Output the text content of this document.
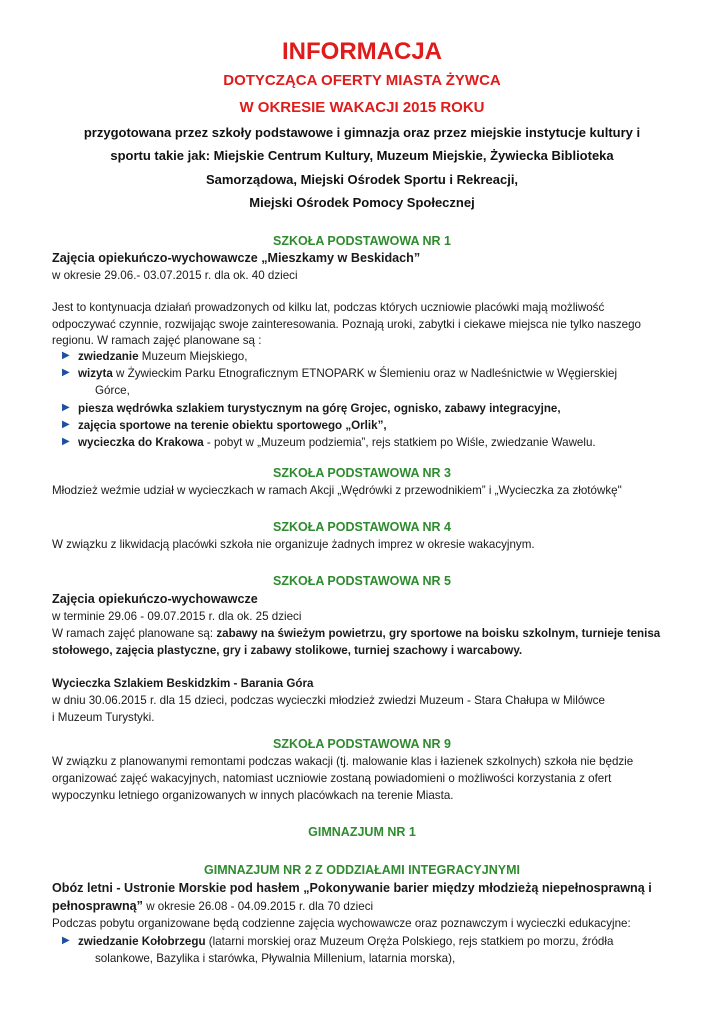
INFORMACJA
DOTYCZĄCA OFERTY MIASTA ŻYWCA
W OKRESIE WAKACJI 2015 ROKU
przygotowana przez szkoły podstawowe i gimnazja oraz przez miejskie instytucje kultury i
sportu takie jak: Miejskie Centrum Kultury, Muzeum Miejskie, Żywiecka Biblioteka
Samorządowa, Miejski Ośrodek Sportu i Rekreacji,
Miejski Ośrodek Pomocy Społecznej
SZKOŁA PODSTAWOWA NR 1
Zajęcia opiekuńczo-wychowawcze „Mieszkamy w Beskidach”
w okresie 29.06.- 03.07.2015 r. dla ok. 40 dzieci
Jest to kontynuacja działań prowadzonych od kilku lat, podczas których uczniowie placówki mają możliwość
odpoczywać czynnie, rozwijając swoje zainteresowania. Poznają uroki, zabytki i ciekawe miejsca nie tylko naszego
regionu. W ramach zajęć planowane są :
▶ zwiedzanie Muzeum Miejskiego,
▶ wizyta w Żywieckim Parku Etnograficznym ETNOPARK w Ślemieniu oraz w Nadleśnictwie w Węgierskiej
Górce,
▶ piesza wędrówka szlakiem turystycznym na górę Grojec, ognisko, zabawy integracyjne,
▶ zajęcia sportowe na terenie obiektu sportowego „Orlik”,
▶ wycieczka do Krakowa - pobyt w „Muzeum podziemia”, rejs statkiem po Wiśle, zwiedzanie Wawelu.
SZKOŁA PODSTAWOWA NR 3
Młodzież weźmie udział w wycieczkach w ramach Akcji „Wędrówki z przewodnikiem” i „Wycieczka za złotówkę"
SZKOŁA PODSTAWOWA NR 4
W związku z likwidacją placówki szkoła nie organizuje żadnych imprez w okresie wakacyjnym.
SZKOŁA PODSTAWOWA NR 5
Zajęcia opiekuńczo-wychowawcze
w terminie 29.06 - 09.07.2015 r. dla ok. 25 dzieci
W ramach zajęć planowane są: zabawy na świeżym powietrzu, gry sportowe na boisku szkolnym, turnieje tenisa
stołowego, zajęcia plastyczne, gry i zabawy stolikowe, turniej szachowy i warcabowy.
Wycieczka Szlakiem Beskidzkim - Barania Góra
w dniu 30.06.2015 r. dla 15 dzieci, podczas wycieczki młodzież zwiedzi Muzeum - Stara Chałupa w Milówce
i Muzeum Turystyki.
SZKOŁA PODSTAWOWA NR 9
W związku z planowanymi remontami podczas wakacji (tj. malowanie klas i łazienek szkolnych) szkoła nie będzie
organizować zajęć wakacyjnych, natomiast uczniowie zostaną powiadomieni o możliwości korzystania z ofert
wypoczynku letniego organizowanych w innych placówkach na terenie Miasta.
GIMNAZJUM NR 1
GIMNAZJUM NR 2 Z ODDZIAŁAMI INTEGRACYJNYMI
Obóz letni - Ustronie Morskie pod hasłem „Pokonywanie barier między młodzieżą niepełnosprawną i
pełnosprawną” w okresie 26.08 - 04.09.2015 r. dla 70 dzieci
Podczas pobytu organizowane będą codzienne zajęcia wychowawcze oraz poznawczym i wycieczki edukacyjne:
▶ zwiedzanie Kołobrzegu (latarni morskiej oraz Muzeum Oręża Polskiego, rejs statkiem po morzu, źródła
solankowe, Bazylika i starówka, Pływalnia Millenium, latarnia morska),
